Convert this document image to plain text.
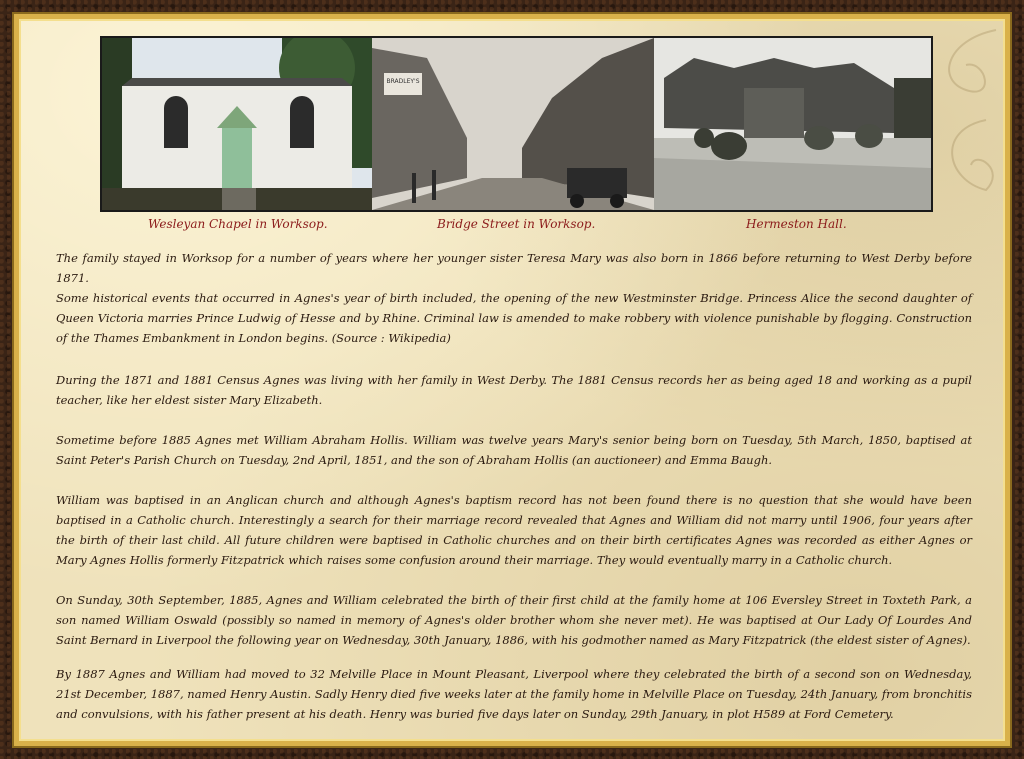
BRADLEY'S
Wesleyan Chapel in Worksop.	Bridge Street in Worksop.	Hermeston Hall.

The family stayed in Worksop for a number of years where her younger sister Teresa Mary was also born in 1866 before returning to West Derby before 1871.

Some historical events that occurred in Agnes's year of birth included, the opening of the new Westminster Bridge. Princess Alice the second daughter of Queen Victoria marries Prince Ludwig of Hesse and by Rhine. Criminal law is amended to make robbery with violence punishable by flogging. Construction of the Thames Embankment in London begins. (Source : Wikipedia)

During the 1871 and 1881 Census Agnes was living with her family in West Derby. The 1881 Census records her as being aged 18 and working as a pupil teacher, like her eldest sister Mary Elizabeth.

Sometime before 1885 Agnes met William Abraham Hollis. William was twelve years Mary's senior being born on Tuesday, 5th March, 1850, baptised at Saint Peter's Parish Church on Tuesday, 2nd April, 1851, and the son of Abraham Hollis (an auctioneer) and Emma Baugh.

William was baptised in an Anglican church and although Agnes's baptism record has not been found there is no question that she would have been baptised in a Catholic church. Interestingly a search for their marriage record revealed that Agnes and William did not marry until 1906, four years after the birth of their last child. All future children were baptised in Catholic churches and on their birth certificates Agnes was recorded as either Agnes or Mary Agnes Hollis formerly Fitzpatrick which raises some confusion around their marriage. They would eventually marry in a Catholic church.

On Sunday, 30th September, 1885, Agnes and William celebrated the birth of their first child at the family home at 106 Eversley Street in Toxteth Park, a son named William Oswald (possibly so named in memory of Agnes's older brother whom she never met). He was baptised at Our Lady Of Lourdes And Saint Bernard in Liverpool the following year on Wednesday, 30th January, 1886, with his godmother named as Mary Fitzpatrick (the eldest sister of Agnes).

By 1887 Agnes and William had moved to 32 Melville Place in Mount Pleasant, Liverpool where they celebrated the birth of a second son on Wednesday, 21st December, 1887, named Henry Austin. Sadly Henry died five weeks later at the family home in Melville Place on Tuesday, 24th January, from bronchitis and convulsions, with his father present at his death. Henry was buried five days later on Sunday, 29th January, in plot H589 at Ford Cemetery.
